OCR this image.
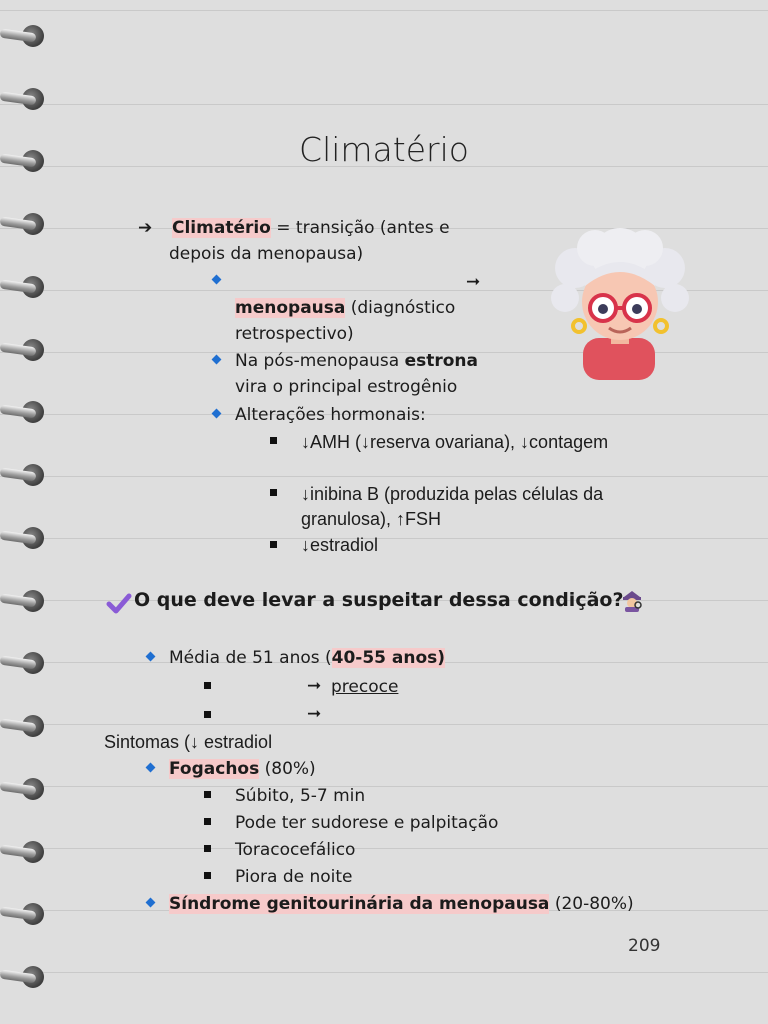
Climatério
➔ Climatério = transição (antes e
depois da menopausa)
➞
menopausa (diagnóstico
retrospectivo)
Na pós-menopausa estrona
vira o principal estrogênio
Alterações hormonais:
↓AMH (↓reserva ovariana), ↓contagem
↓inibina B (produzida pelas células da
granulosa), ↑FSH
↓estradiol
O que deve levar a suspeitar dessa condição?
Média de 51 anos (40-55 anos)
➞ precoce
➞
Sintomas (↓ estradiol
Fogachos (80%)
Súbito, 5-7 min
Pode ter sudorese e palpitação
Toracocefálico
Piora de noite
Síndrome genitourinária da menopausa (20-80%)
209
